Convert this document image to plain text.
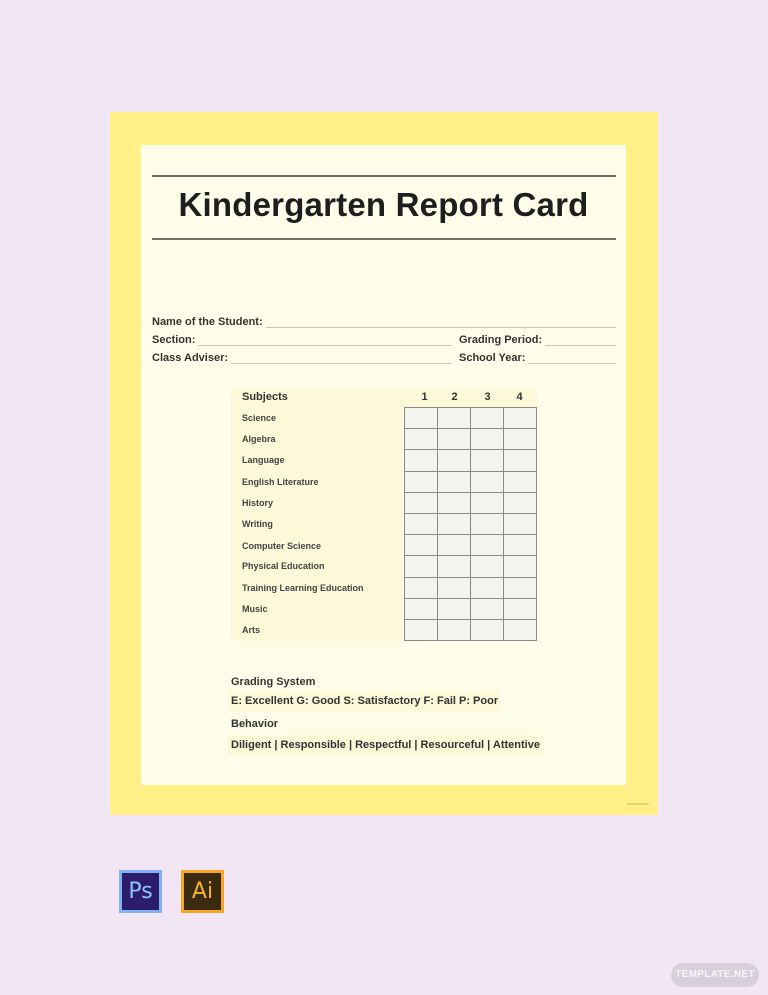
Kindergarten Report Card
Name of the Student:
Section:	Grading Period:
Class Adviser:	School Year:
Subjects	1	2	3	4
Science
Algebra
Language
English Literature
History
Writing
Computer Science
Physical Education
Training Learning Education
Music
Arts
Grading System
E: Excellent G: Good S: Satisfactory F: Fail P: Poor
Behavior
Diligent | Responsible | Respectful | Resourceful | Attentive
Ps Ai
TEMPLATE.NET
